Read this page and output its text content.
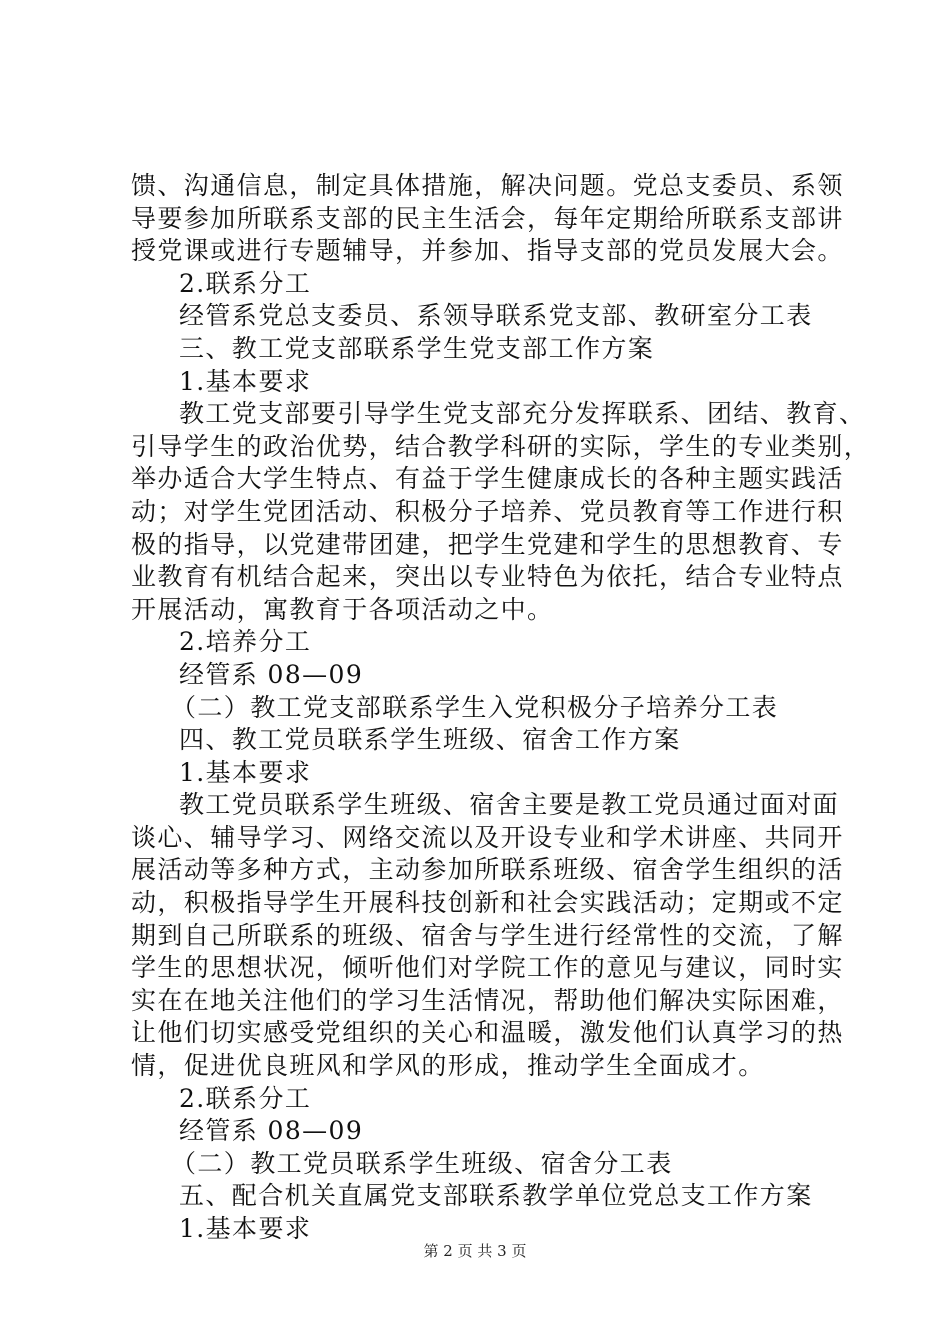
馈、沟通信息，制定具体措施，解决问题。党总支委员、系领
导要参加所联系支部的民主生活会，每年定期给所联系支部讲
授党课或进行专题辅导，并参加、指导支部的党员发展大会。
2.联系分工
经管系党总支委员、系领导联系党支部、教研室分工表
三、教工党支部联系学生党支部工作方案
1.基本要求
教工党支部要引导学生党支部充分发挥联系、团结、教育、
引导学生的政治优势，结合教学科研的实际，学生的专业类别，
举办适合大学生特点、有益于学生健康成长的各种主题实践活
动；对学生党团活动、积极分子培养、党员教育等工作进行积
极的指导，以党建带团建，把学生党建和学生的思想教育、专
业教育有机结合起来，突出以专业特色为依托，结合专业特点
开展活动，寓教育于各项活动之中。
2.培养分工
经管系 08—09
（二）教工党支部联系学生入党积极分子培养分工表
四、教工党员联系学生班级、宿舍工作方案
1.基本要求
教工党员联系学生班级、宿舍主要是教工党员通过面对面
谈心、辅导学习、网络交流以及开设专业和学术讲座、共同开
展活动等多种方式，主动参加所联系班级、宿舍学生组织的活
动，积极指导学生开展科技创新和社会实践活动；定期或不定
期到自己所联系的班级、宿舍与学生进行经常性的交流，了解
学生的思想状况，倾听他们对学院工作的意见与建议，同时实
实在在地关注他们的学习生活情况，帮助他们解决实际困难，
让他们切实感受党组织的关心和温暖，激发他们认真学习的热
情，促进优良班风和学风的形成，推动学生全面成才。
2.联系分工
经管系 08—09
（二）教工党员联系学生班级、宿舍分工表
五、配合机关直属党支部联系教学单位党总支工作方案
1.基本要求
第 2 页 共 3 页
